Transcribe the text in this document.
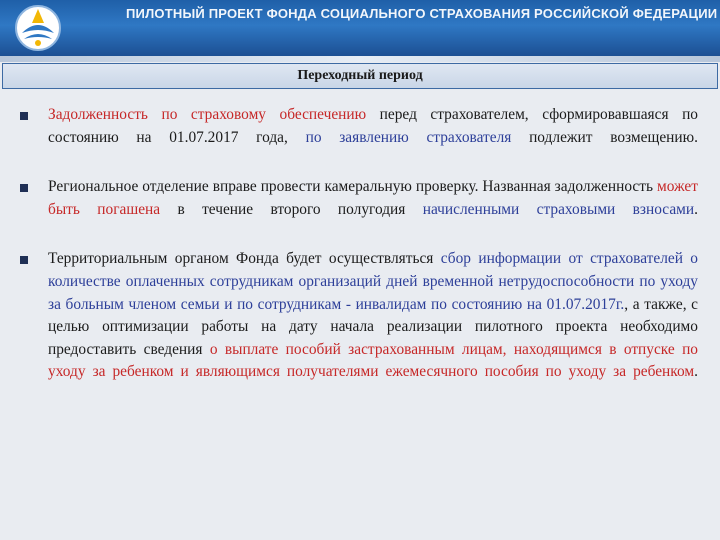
ПИЛОТНЫЙ ПРОЕКТ ФОНДА СОЦИАЛЬНОГО СТРАХОВАНИЯ РОССИЙСКОЙ ФЕДЕРАЦИИ
Переходный период
Задолженность по страховому обеспечению перед страхователем, сформировавшаяся по состоянию на 01.07.2017 года, по заявлению страхователя подлежит возмещению.
Региональное отделение вправе провести камеральную проверку. Названная задолженность может быть погашена в течение второго полугодия начисленными страховыми взносами.
Территориальным органом Фонда будет осуществляться сбор информации от страхователей о количестве оплаченных сотрудникам организаций дней временной нетрудоспособности по уходу за больным членом семьи и по сотрудникам - инвалидам по состоянию на 01.07.2017г., а также, с целью оптимизации работы на дату начала реализации пилотного проекта необходимо предоставить сведения о выплате пособий застрахованным лицам, находящимся в отпуске по уходу за ребенком и являющимся получателями ежемесячного пособия по уходу за ребенком.
